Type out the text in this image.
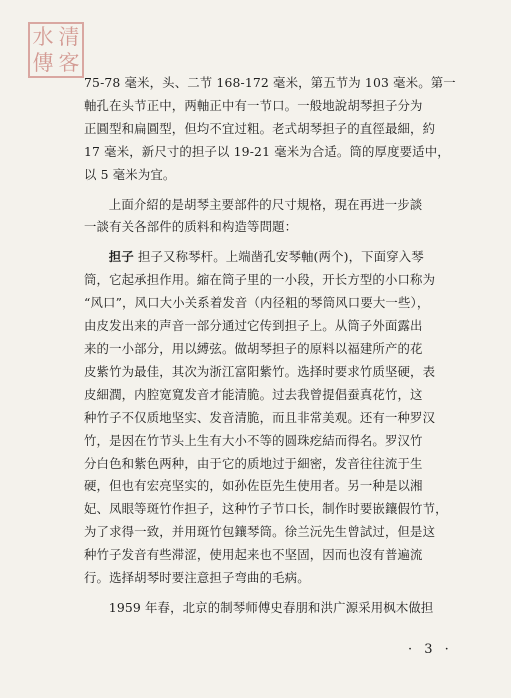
水 清
傳 客

75-78 毫米，头、二节 168-172 毫米，第五节为 103 毫米。第一
軸孔在头节正中，两軸正中有一节口。一般地說胡琴担子分为
正圓型和扁圓型，但均不宜过粗。老式胡琴担子的直徑最細，約
17 毫米，新尺寸的担子以 19-21 毫米为合适。筒的厚度要适中，
以 5 毫米为宜。

上面介紹的是胡琴主要部件的尺寸規格，現在再进一步談
一談有关各部件的质料和构造等問題：

担子 担子又称琴杆。上端凿孔安琴軸(两个)，下面穿入琴
筒，它起承担作用。縮在筒子里的一小段，开长方型的小口称为
“风口”，风口大小关系着发音（内径粗的琴筒风口要大一些），
由皮发出来的声音一部分通过它传到担子上。从筒子外面露出
来的一小部分，用以縛弦。做胡琴担子的原料以福建所产的花
皮紫竹为最佳，其次为浙江富阳紫竹。选择时要求竹质坚硬，表
皮細潤，内腔宽寬发音才能清脆。过去我曾提倡蚕真花竹，这
种竹子不仅质地坚实、发音清脆，而且非常美观。还有一种罗汉
竹，是因在竹节头上生有大小不等的圆珠疙結而得名。罗汉竹
分白色和紫色两种，由于它的质地过于細密，发音往往流于生
硬，但也有宏亮坚实的，如孙佐臣先生使用者。另一种是以湘
妃、凤眼等斑竹作担子，这种竹子节口长，制作时要嵌鑲假竹节，
为了求得一致，并用斑竹包鑲琴筒。徐兰沅先生曾試过，但是这
种竹子发音有些滞涩，使用起来也不坚固，因而也沒有普遍流
行。选择胡琴时要注意担子弯曲的毛病。

1959 年春，北京的制琴师傅史春朋和洪广源采用枫木做担

· 3 ·
